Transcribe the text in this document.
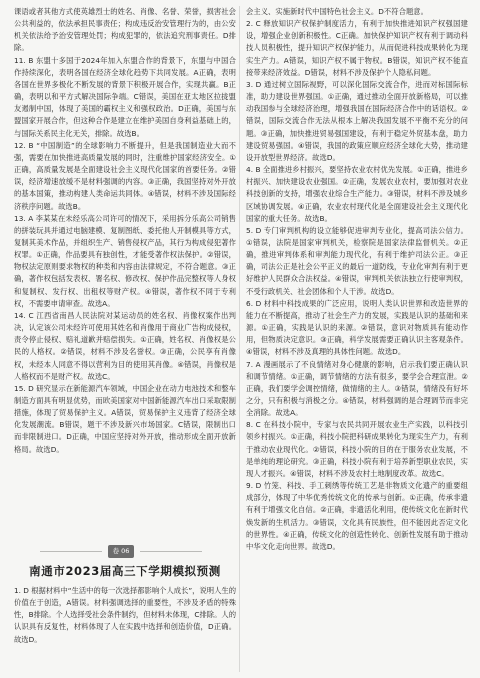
课语或者其他方式使英雄烈士的姓名、肖像、名誉、荣誉，损害社会公共利益的，依法承担民事责任；构成违反治安管理行为的，由公安机关依法给予治安管理处罚；构成犯罪的，依法追究刑事责任。D排除。

11. B 东盟十多国于2024年加入东盟合作的背景下，东盟与中国合作持续深化，表明各国在经济全球化趋势下共同发展。A正确，表明各国在世界多极化不断发展的背景下积极开展合作，实现共赢。B正确，表明以和平方式解决国际争端。C错误，美国在亚太地区拉拢盟友遏制中国，体现了美国的霸权主义和强权政治。D正确，美国与东盟国家开展合作，但这种合作是建立在维护美国自身利益基础上的，与国际关系民主化无关，排除。故选B。

12. B “中国制造”的全球影响力不断提升，但是我国制造业大而不强，需要在加快推进高质量发展的同时，注重维护国家经济安全。①正确，高质量发展是全面建设社会主义现代化国家的首要任务。②错误，经济增速放缓不是材料强调的内容。③正确，我国坚持对外开放的基本国策，推动构建人类命运共同体。④错误，材料不涉及国际经济秩序问题。故选B。

13. A 李某某在未经乐高公司许可的情况下，采用拆分乐高公司销售的拼装玩具并通过电脑建模、复制图纸、委托他人开制模具等方式，复制其美术作品，并组织生产、销售侵权产品，其行为构成侵犯著作权罪。①正确，作品要具有独创性，才能受著作权法保护。②错误，物权法定原则要求物权的种类和内容由法律规定，不符合题意。③正确，著作权包括发表权、署名权、修改权、保护作品完整权等人身权和复制权、发行权、出租权等财产权。④错误，著作权不同于专利权，不需要申请审查。故选A。

14. C 江西省南昌人民法院对某运动员的姓名权、肖像权案作出判决，认定该公司未经许可使用其姓名和肖像用于商业广告构成侵权，责令停止侵权、赔礼道歉并赔偿损失。①正确，姓名权、肖像权是公民的人格权。②错误，材料不涉及名誉权。③正确，公民享有肖像权，未经本人同意不得以营利为目的使用其肖像。④错误，肖像权是人格权而不是财产权。故选C。

15. D 研究显示在新能源汽车领域，中国企业在动力电池技术和整车制造方面具有明显优势，而欧美国家对中国新能源汽车出口采取限制措施，体现了贸易保护主义。A错误，贸易保护主义违背了经济全球化发展潮流。B错误，题干不涉及新兴市场国家。C错误，限制出口而非限制进口。D正确，中国应坚持对外开放，推动形成全面开放新格局。故选D。

卷 06
南通市2023届高三下学期模拟预测

1. D 根据材料中“生活中的每一次选择都影响个人成长”，说明人生的价值在于创造，A错误。材料强调选择的重要性，不涉及矛盾的特殊性，B排除。个人选择受社会条件制约，但材料未体现，C排除。人的认识具有反复性，材料体现了人在实践中选择和创造价值，D正确。故选D。

会主义、实施新时代中国特色社会主义。D不符合题意。

2. C 释放知识产权保护制度活力，有利于加快推进知识产权强国建设，增强企业创新积极性。C正确。加快保护知识产权有利于调动科技人员积极性，提升知识产权保护能力，从而促进科技成果转化为现实生产力。A错误，知识产权不属于物权。B错误，知识产权不能直接带来经济效益。D错误，材料不涉及保护个人隐私问题。

3. D 通过树立国际视野，可以深化国际交流合作，进而对标国际标准，助力建设世界强国。①正确，通过推动全面开放新格局，可以推动我国参与全球经济治理，增强我国在国际经济合作中的话语权。②错误，国际交流合作无法从根本上解决我国发展不平衡不充分的问题。③正确，加快推进贸易强国建设，有利于稳定外贸基本盘，助力建设贸易强国。④错误，我国的政策应顺应经济全球化大势，推动建设开放型世界经济。故选D。

4. B 全面推进乡村振兴，要坚持农业农村优先发展。①正确，推进乡村振兴、加快建设农业强国。②正确，发展农业农村，要加强对农业科技创新的支持，增强农业综合生产能力。③错误，材料不涉及城乡区域协调发展。④正确，农业农村现代化是全面建设社会主义现代化国家的重大任务。故选B。

5. D 专门审判机构的设立能够促进审判专业化，提高司法公信力。①错误，法院是国家审判机关，检察院是国家法律监督机关。②正确，推进审判体系和审判能力现代化，有利于维护司法公正。③正确，司法公正是社会公平正义的最后一道防线，专业化审判有利于更好维护人民群众合法权益。④错误，审判机关依法独立行使审判权，不受行政机关、社会团体和个人干涉。故选D。

6. D 材料中科技成果的广泛应用，说明人类认识世界和改造世界的能力在不断提高，推动了社会生产力的发展，实践是认识的基础和来源。①正确，实践是认识的来源。②错误，意识对物质具有能动作用，但物质决定意识。③正确，科学发展需要正确认识主客观条件。④错误，材料不涉及真理的具体性问题。故选D。

7. A 漫画展示了不良情绪对身心健康的影响，启示我们要正确认识和调节情绪。①正确，调节情绪的方法有很多，要学会合理宣泄。②正确，我们要学会调控情绪，做情绪的主人。③错误，情绪没有好坏之分，只有积极与消极之分。④错误，材料强调的是合理调节而非完全消除。故选A。

8. C 在科技小院中，专家与农民共同开展农业生产实践，以科技引领乡村振兴。①正确，科技小院把科研成果转化为现实生产力，有利于推动农业现代化。②错误，科技小院的目的在于服务农业发展，不是单纯的理论研究。③正确，科技小院有利于培养新型职业农民，实现人才振兴。④错误，材料不涉及农村土地制度改革。故选C。

9. D 竹笼、科技、手工刺绣等传统工艺是非物质文化遗产的重要组成部分，体现了中华优秀传统文化的传承与创新。①正确，传承非遗有利于增强文化自信。②正确，非遗活化利用，使传统文化在新时代焕发新的生机活力。③错误，文化具有民族性，但不能因此否定文化的世界性。④正确，传统文化的创造性转化、创新性发展有助于推动中华文化走向世界。故选D。
